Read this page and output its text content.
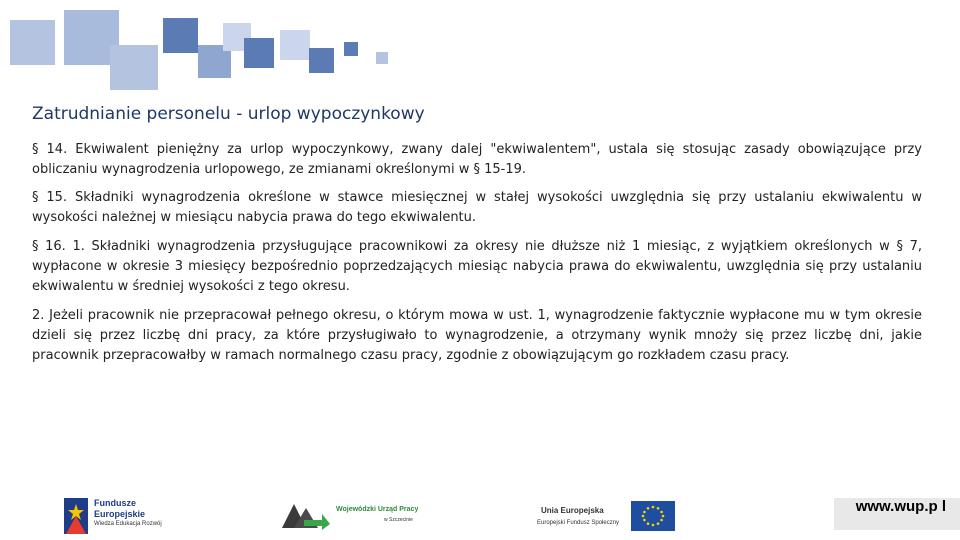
Zatrudnianie personelu - urlop wypoczynkowy
§ 14. Ekwiwalent pieniężny za urlop wypoczynkowy, zwany dalej "ekwiwalentem", ustala się stosując zasady obowiązujące przy obliczaniu wynagrodzenia urlopowego, ze zmianami określonymi w § 15-19.
§ 15. Składniki wynagrodzenia określone w stawce miesięcznej w stałej wysokości uwzględnia się przy ustalaniu ekwiwalentu w wysokości należnej w miesiącu nabycia prawa do tego ekwiwalentu.
§ 16. 1. Składniki wynagrodzenia przysługujące pracownikowi za okresy nie dłuższe niż 1 miesiąc, z wyjątkiem określonych w § 7, wypłacone w okresie 3 miesięcy bezpośrednio poprzedzających miesiąc nabycia prawa do ekwiwalentu, uwzględnia się przy ustalaniu ekwiwalentu w średniej wysokości z tego okresu.
2. Jeżeli pracownik nie przepracował pełnego okresu, o którym mowa w ust. 1, wynagrodzenie faktycznie wypłacone mu w tym okresie dzieli się przez liczbę dni pracy, za które przysługiwało to wynagrodzenie, a otrzymany wynik mnoży się przez liczbę dni, jakie pracownik przepracowałby w ramach normalnego czasu pracy, zgodnie z obowiązującym go rozkładem czasu pracy.
Fundusze
Europejskie
Wiedza Edukacja Rozwój
Wojewódzki Urząd Pracy
w Szczecinie
Unia Europejska
Europejski Fundusz Społeczny
www.wup.p l
